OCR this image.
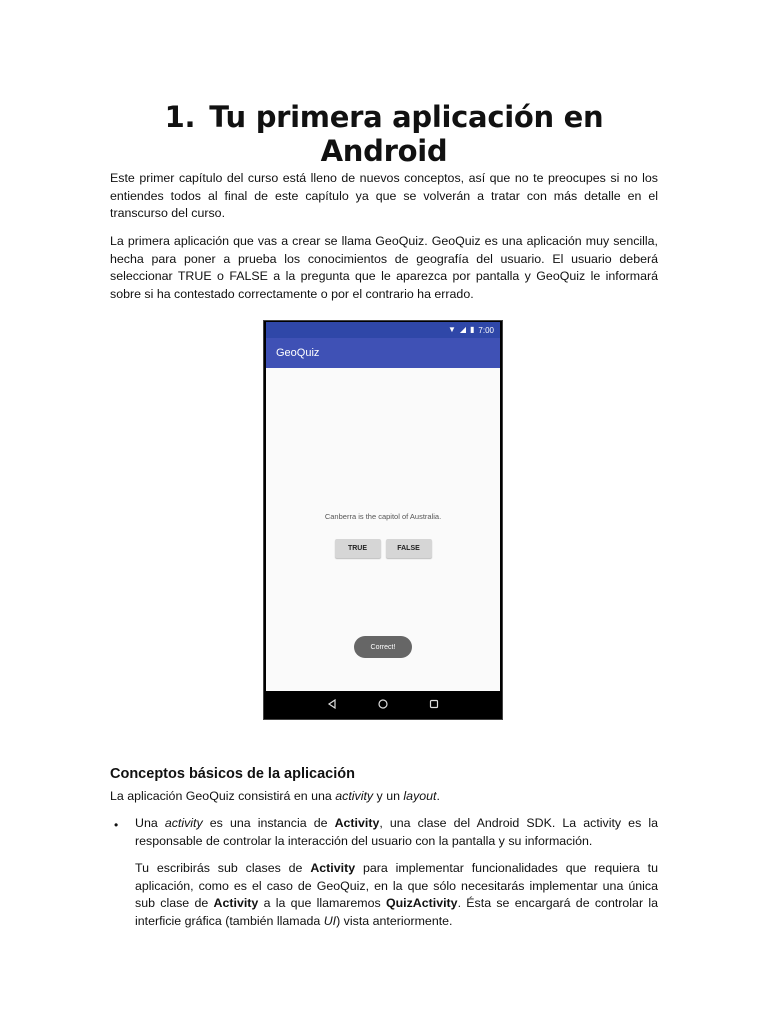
1. Tu primera aplicación en Android

Este primer capítulo del curso está lleno de nuevos conceptos, así que no te preocupes si no los entiendes todos al final de este capítulo ya que se volverán a tratar con más detalle en el transcurso del curso.

La primera aplicación que vas a crear se llama GeoQuiz. GeoQuiz es una aplicación muy sencilla, hecha para poner a prueba los conocimientos de geografía del usuario. El usuario deberá seleccionar TRUE o FALSE a la pregunta que le aparezca por pantalla y GeoQuiz le informará sobre si ha contestado correctamente o por el contrario ha errado.

Conceptos básicos de la aplicación

La aplicación GeoQuiz consistirá en una activity y un layout.

• Una activity es una instancia de Activity, una clase del Android SDK. La activity es la responsable de controlar la interacción del usuario con la pantalla y su información.

Tu escribirás sub clases de Activity para implementar funcionalidades que requiera tu aplicación, como es el caso de GeoQuiz, en la que sólo necesitarás implementar una única sub clase de Activity a la que llamaremos QuizActivity. Ésta se encargará de controlar la interficie gráfica (también llamada UI) vista anteriormente.

▼ ◢ ▮ 7:00
GeoQuiz
Canberra is the capitol of Australia.
TRUE	FALSE
Correct!
